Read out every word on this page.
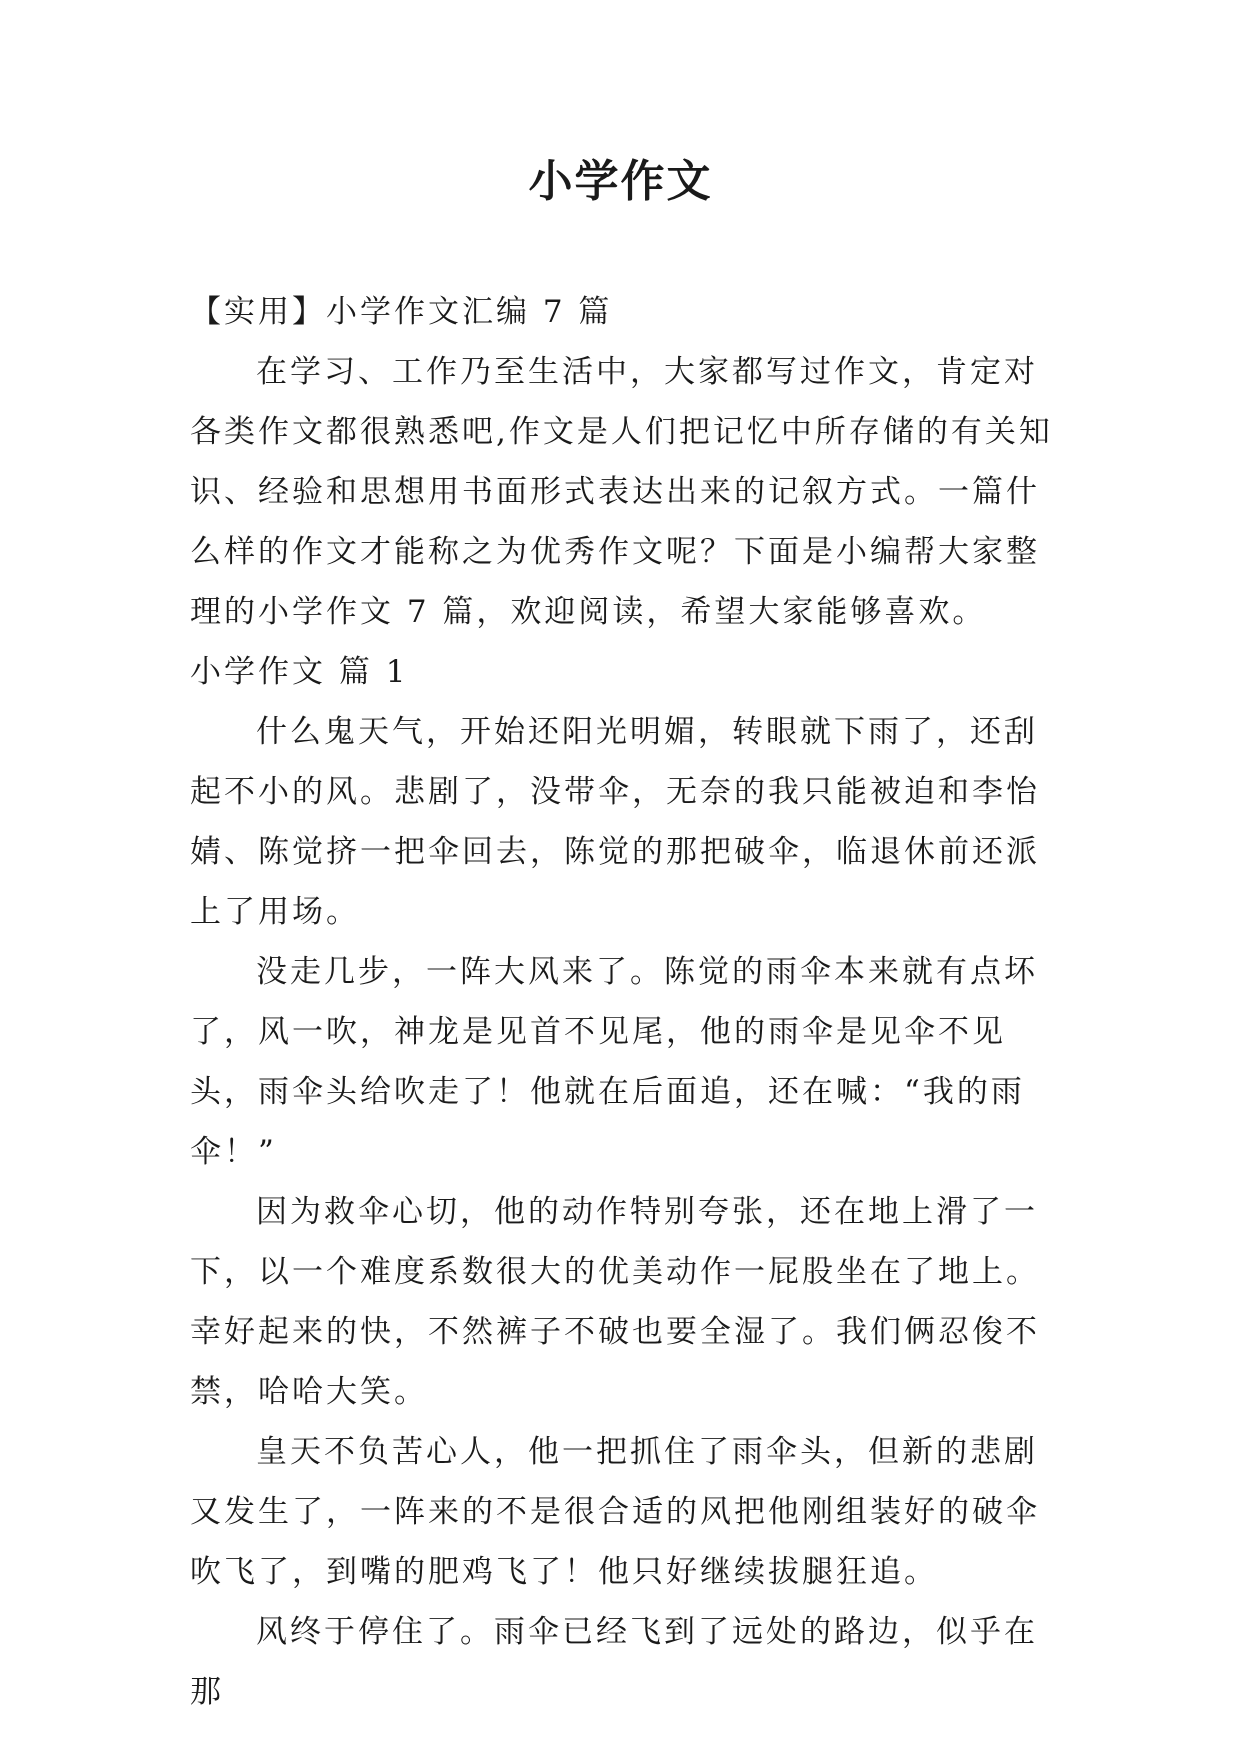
小学作文

【实用】小学作文汇编 7 篇

在学习、工作乃至生活中，大家都写过作文，肯定对各类作文都很熟悉吧,作文是人们把记忆中所存储的有关知识、经验和思想用书面形式表达出来的记叙方式。一篇什么样的作文才能称之为优秀作文呢？下面是小编帮大家整理的小学作文 7 篇，欢迎阅读，希望大家能够喜欢。

小学作文 篇 1

什么鬼天气，开始还阳光明媚，转眼就下雨了，还刮起不小的风。悲剧了，没带伞，无奈的我只能被迫和李怡婧、陈觉挤一把伞回去，陈觉的那把破伞，临退休前还派上了用场。

没走几步，一阵大风来了。陈觉的雨伞本来就有点坏了，风一吹，神龙是见首不见尾，他的雨伞是见伞不见头，雨伞头给吹走了！他就在后面追，还在喊：“我的雨伞！”

因为救伞心切，他的动作特别夸张，还在地上滑了一下，以一个难度系数很大的优美动作一屁股坐在了地上。幸好起来的快，不然裤子不破也要全湿了。我们俩忍俊不禁，哈哈大笑。

皇天不负苦心人，他一把抓住了雨伞头，但新的悲剧又发生了，一阵来的不是很合适的风把他刚组装好的破伞吹飞了，到嘴的肥鸡飞了！他只好继续拔腿狂追。

风终于停住了。雨伞已经飞到了远处的路边，似乎在那
